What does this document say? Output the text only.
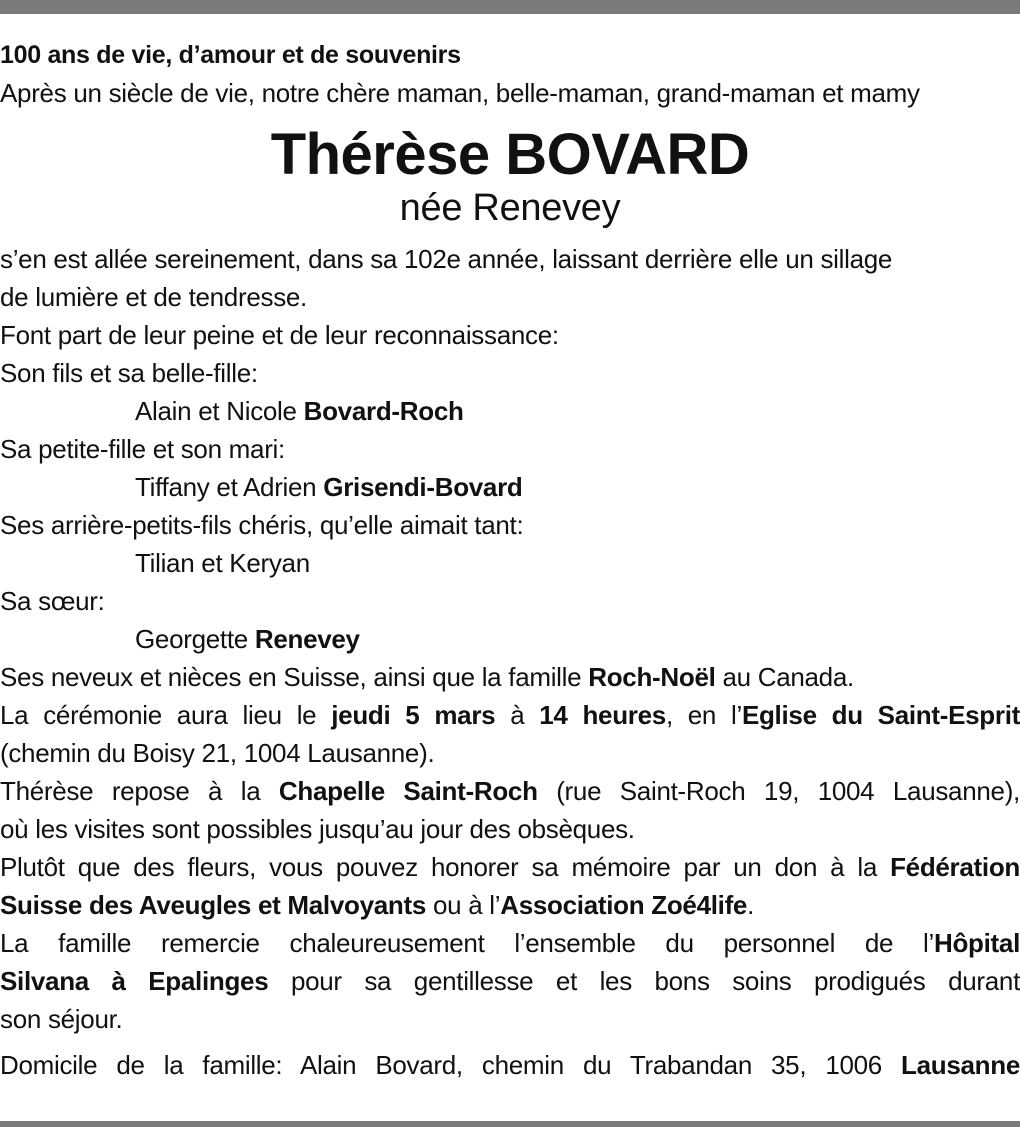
100 ans de vie, d’amour et de souvenirs
Après un siècle de vie, notre chère maman, belle-maman, grand-maman et mamy
Thérèse BOVARD
née Renevey
s’en est allée sereinement, dans sa 102e année, laissant derrière elle un sillage
de lumière et de tendresse.
Font part de leur peine et de leur reconnaissance:
Son fils et sa belle-fille:
Alain et Nicole Bovard-Roch
Sa petite-fille et son mari:
Tiffany et Adrien Grisendi-Bovard
Ses arrière-petits-fils chéris, qu’elle aimait tant:
Tilian et Keryan
Sa sœur:
Georgette Renevey
Ses neveux et nièces en Suisse, ainsi que la famille Roch-Noël au Canada.
La cérémonie aura lieu le jeudi 5 mars à 14 heures, en l’Eglise du Saint-Esprit
(chemin du Boisy 21, 1004 Lausanne).
Thérèse repose à la Chapelle Saint-Roch (rue Saint-Roch 19, 1004 Lausanne),
où les visites sont possibles jusqu’au jour des obsèques.
Plutôt que des fleurs, vous pouvez honorer sa mémoire par un don à la Fédération
Suisse des Aveugles et Malvoyants ou à l’Association Zoé4life.
La famille remercie chaleureusement l’ensemble du personnel de l’Hôpital
Silvana à Epalinges pour sa gentillesse et les bons soins prodigués durant
son séjour.
Domicile de la famille: Alain Bovard, chemin du Trabandan 35, 1006 Lausanne
